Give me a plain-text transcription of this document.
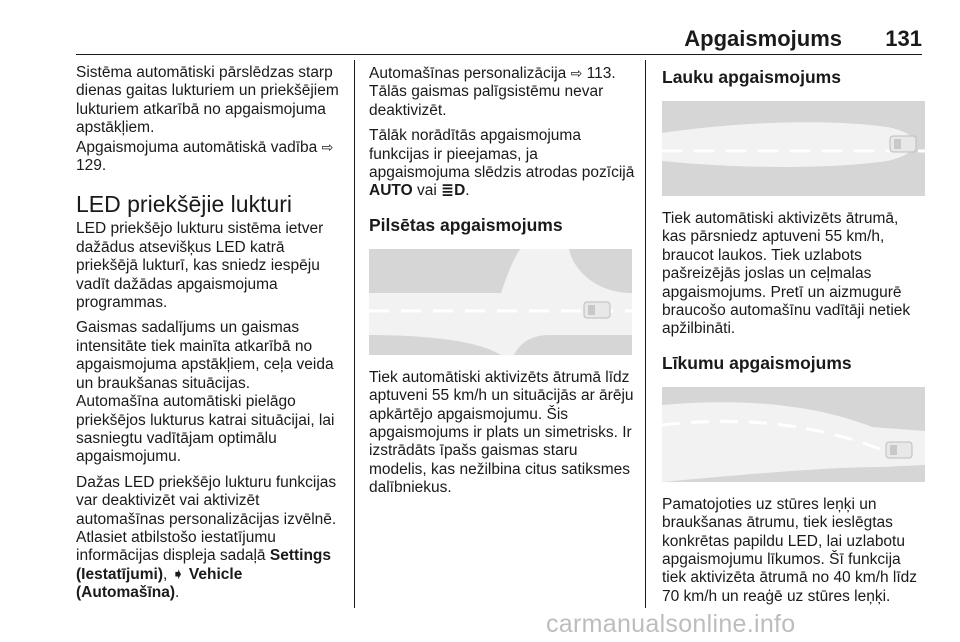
Apgaismojums 131

Sistēma automātiski pārslēdzas starp dienas gaitas lukturiem un priekšējiem lukturiem atkarībā no apgaismojuma apstākļiem.

Apgaismojuma automātiskā vadība ⇨ 129.

LED priekšējie lukturi

LED priekšējo lukturu sistēma ietver dažādus atsevišķus LED katrā priekšējā lukturī, kas sniedz iespēju vadīt dažādas apgaismojuma programmas.

Gaismas sadalījums un gaismas intensitāte tiek mainīta atkarībā no apgaismojuma apstākļiem, ceļa veida un braukšanas situācijas.

Automašīna automātiski pielāgo priekšējos lukturus katrai situācijai, lai sasniegtu vadītājam optimālu apgaismojumu.

Dažas LED priekšējo lukturu funkcijas var deaktivizēt vai aktivizēt automašīnas personalizācijas izvēlnē. Atlasiet atbilstošo iestatījumu informācijas displeja sadaļā Settings (Iestatījumi), ➧ Vehicle (Automašīna).

Automašīnas personalizācija ⇨ 113.

Tālās gaismas palīgsistēmu nevar deaktivizēt.

Tālāk norādītās apgaismojuma funkcijas ir pieejamas, ja apgaismojuma slēdzis atrodas pozīcijā AUTO vai ≣D.

Pilsētas apgaismojums

Tiek automātiski aktivizēts ātrumā līdz aptuveni 55 km/h un situācijās ar ārēju apkārtējo apgaismojumu. Šis apgaismojums ir plats un simetrisks. Ir izstrādāts īpašs gaismas staru modelis, kas nežilbina citus satiksmes dalībniekus.

Lauku apgaismojums

Tiek automātiski aktivizēts ātrumā, kas pārsniedz aptuveni 55 km/h, braucot laukos. Tiek uzlabots pašreizējās joslas un ceļmalas apgaismojums. Pretī un aizmugurē braucošo automašīnu vadītāji netiek apžilbināti.

Līkumu apgaismojums

Pamatojoties uz stūres leņķi un braukšanas ātrumu, tiek ieslēgtas konkrētas papildu LED, lai uzlabotu apgaismojumu līkumos. Šī funkcija tiek aktivizēta ātrumā no 40 km/h līdz 70 km/h un reaģē uz stūres leņķi.

carmanualsonline.info
